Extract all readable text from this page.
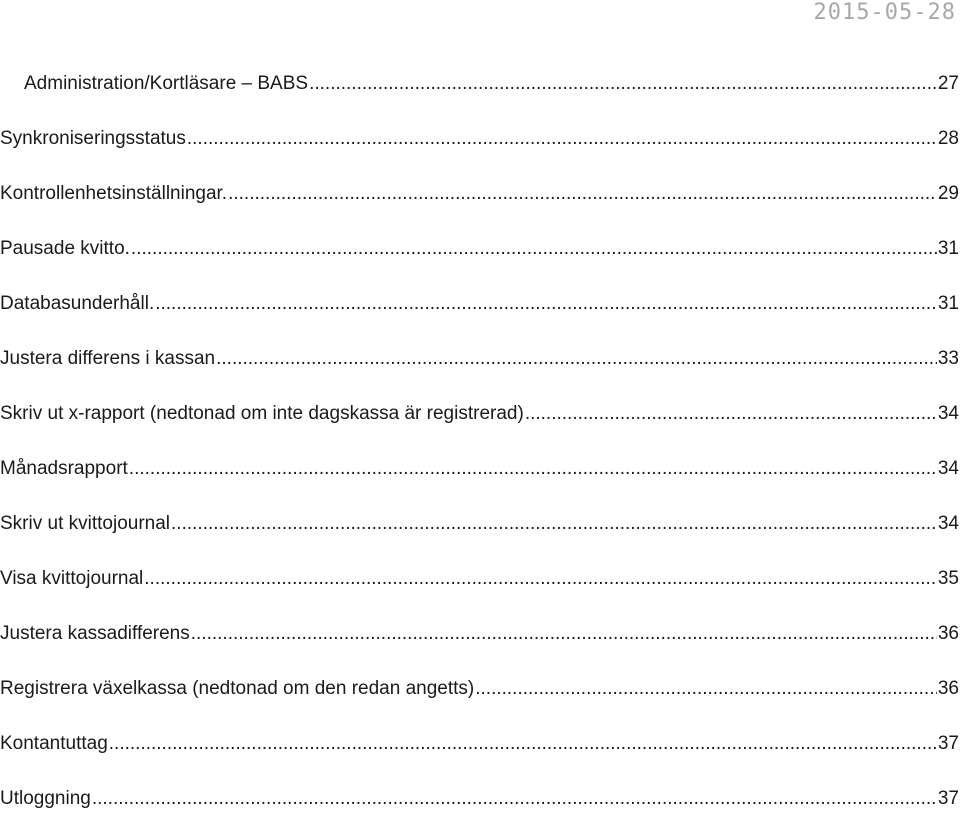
2015-05-28
Administration/Kortläsare – BABS .....	27
Synkroniseringsstatus .....	28
Kontrollenhetsinställningar. .....	29
Pausade kvitto. .....	31
Databasunderhåll. .....	31
Justera differens i kassan .....	33
Skriv ut x-rapport (nedtonad om inte dagskassa är registrerad) .....	34
Månadsrapport .....	34
Skriv ut kvittojournal .....	34
Visa kvittojournal .....	35
Justera kassadifferens .....	36
Registrera växelkassa (nedtonad om den redan angetts) .....	36
Kontantuttag .....	37
Utloggning .....	37
